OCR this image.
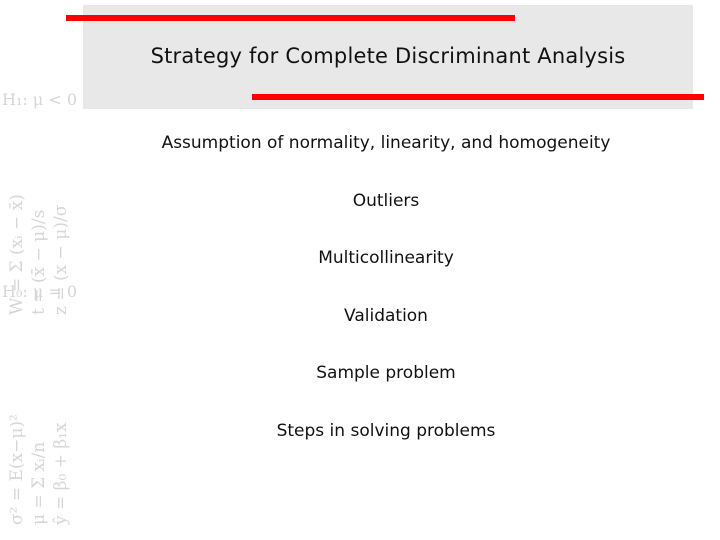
Strategy for Complete Discriminant Analysis
σ² = E(x−μ)² μ = Σ xᵢ/n ŷ = β₀ + β₁x
W = Σ (xᵢ − x̄) t = (x̄ − μ)/s z = (x − μ)/σ
H₁: μ < 0
H₀: μ = 0
Assumption of normality, linearity, and homogeneity
Outliers
Multicollinearity
Validation
Sample problem
Steps in solving problems
